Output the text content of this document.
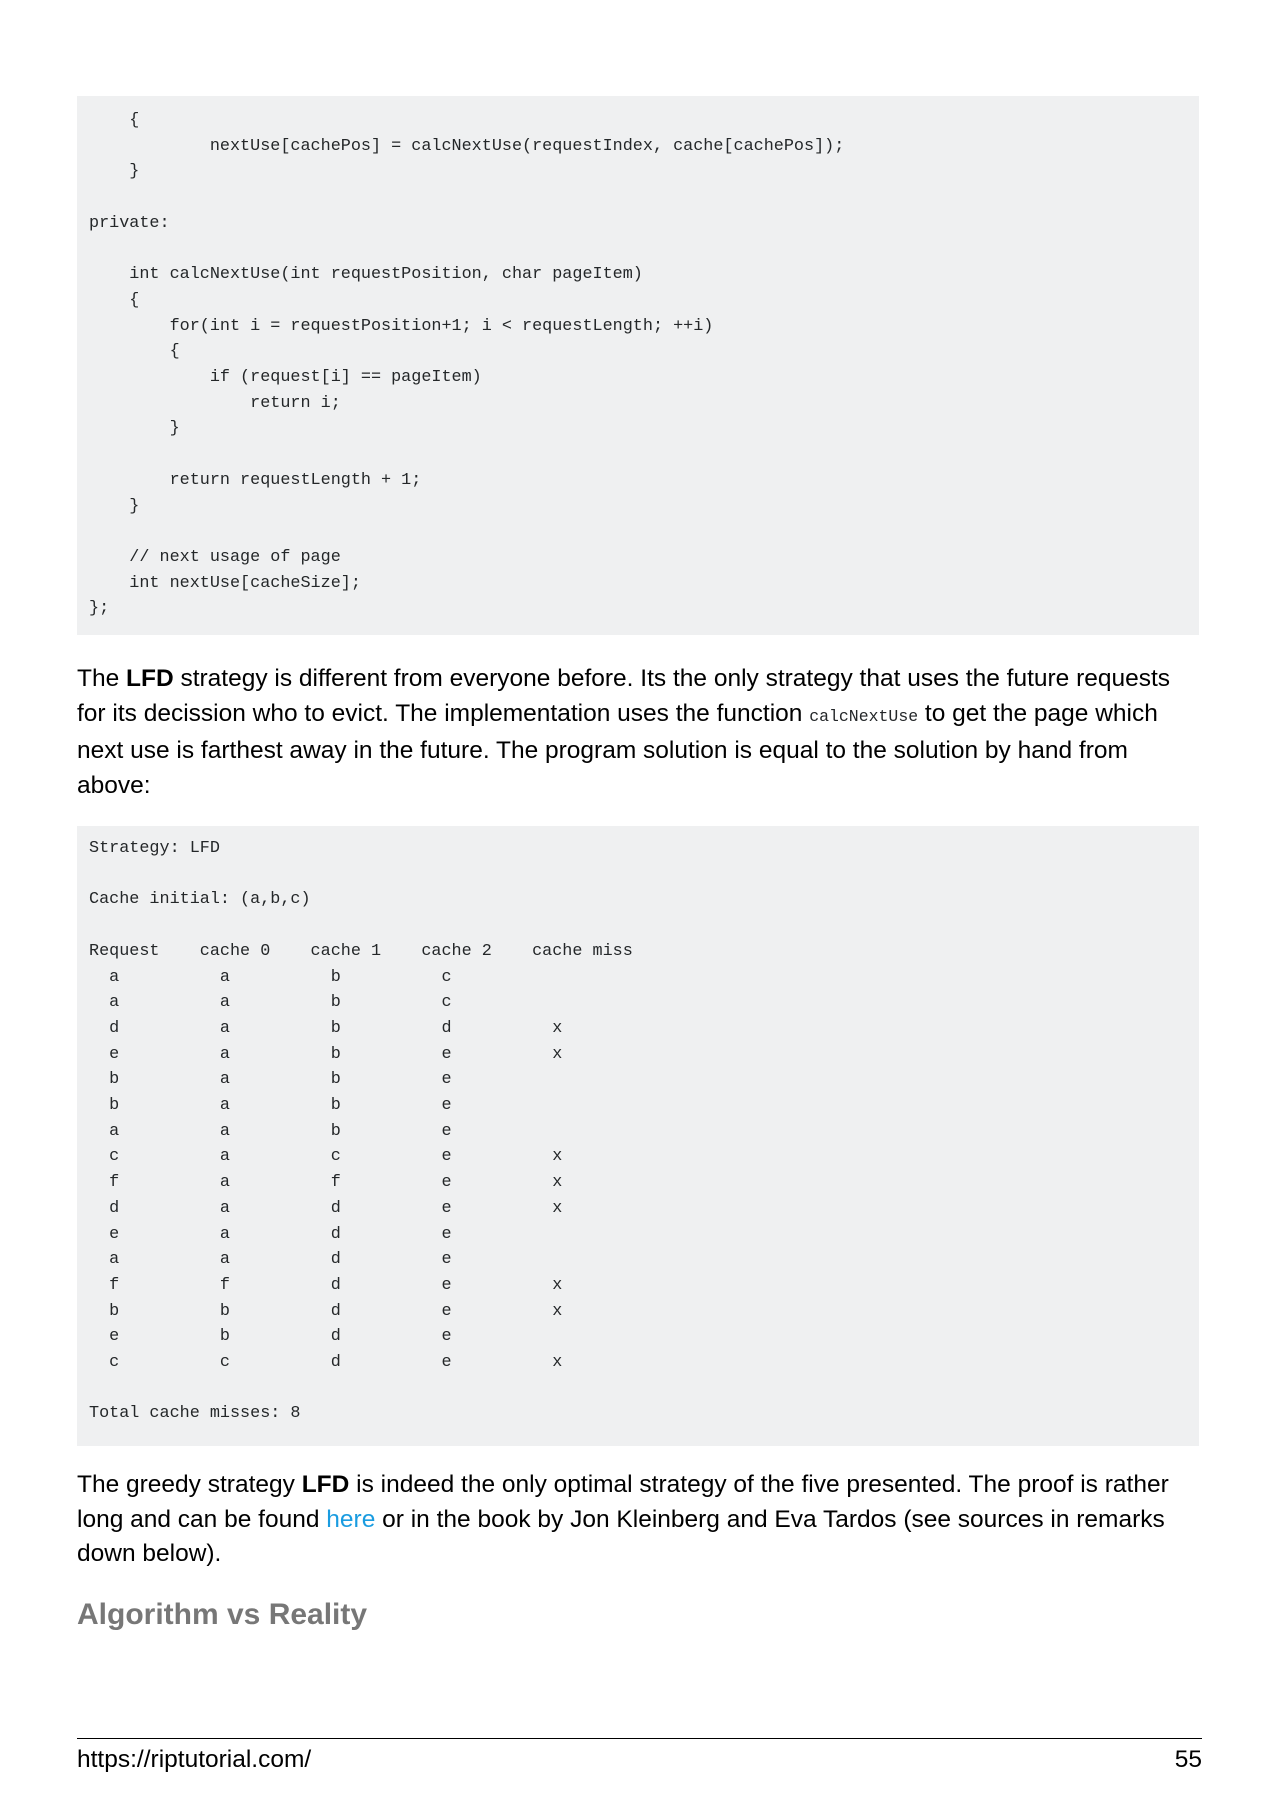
{
nextUse[cachePos] = calcNextUse(requestIndex, cache[cachePos]);
}

private:

int calcNextUse(int requestPosition, char pageItem)
{
for(int i = requestPosition+1; i < requestLength; ++i)
{
if (request[i] == pageItem)
return i;
}

return requestLength + 1;
}

// next usage of page
int nextUse[cacheSize];
};

The LFD strategy is different from everyone before. Its the only strategy that uses the future requests for its decission who to evict. The implementation uses the function calcNextUse to get the page which next use is farthest away in the future. The program solution is equal to the solution by hand from above:

Strategy: LFD

Cache initial: (a,b,c)

Request    cache 0    cache 1    cache 2    cache miss
a          a          b          c
a          a          b          c
d          a          b          d          x
e          a          b          e          x
b          a          b          e
b          a          b          e
a          a          b          e
c          a          c          e          x
f          a          f          e          x
d          a          d          e          x
e          a          d          e
a          a          d          e
f          f          d          e          x
b          b          d          e          x
e          b          d          e
c          c          d          e          x

Total cache misses: 8

The greedy strategy LFD is indeed the only optimal strategy of the five presented. The proof is rather long and can be found here or in the book by Jon Kleinberg and Eva Tardos (see sources in remarks down below).

Algorithm vs Reality
https://riptutorial.com/	55
